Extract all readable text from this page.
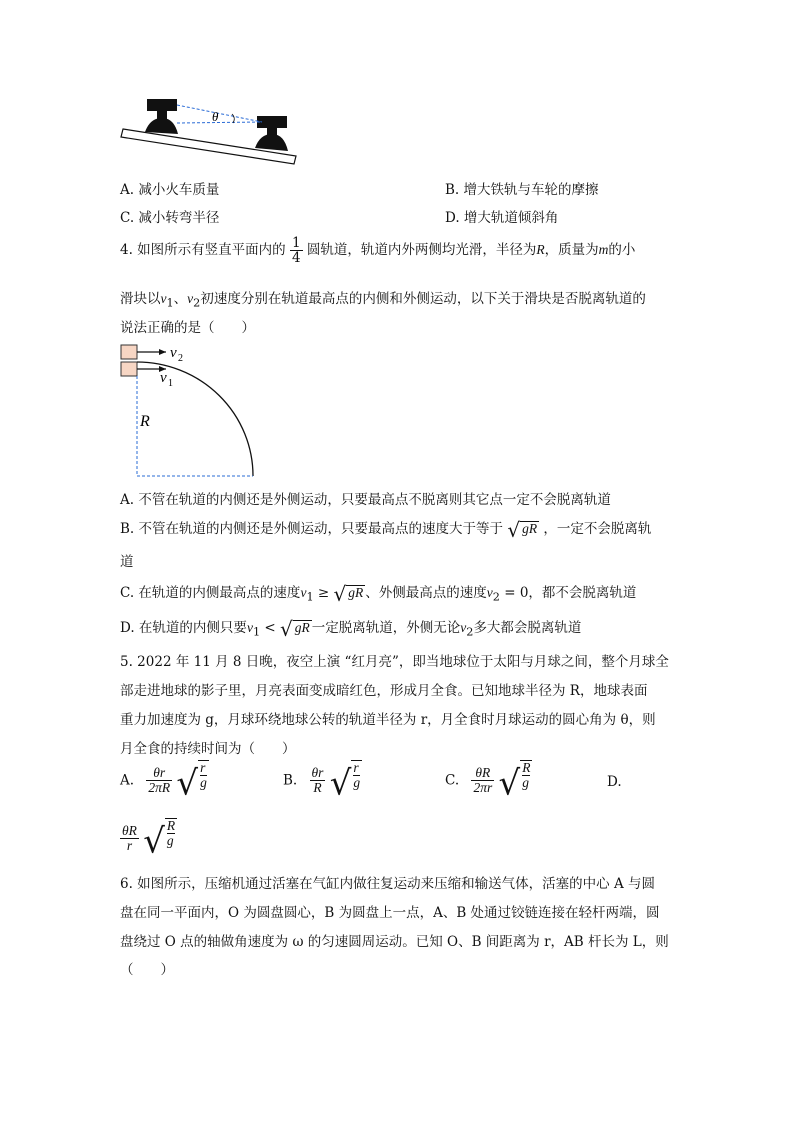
θ
A. 减小火车质量	B. 增大铁轨与车轮的摩擦
C. 减小转弯半径	D. 增大轨道倾斜角
4. 如图所示有竖直平面内的 $\frac{1}{4}$ 圆轨道，轨道内外两侧均光滑，半径为R，质量为m的小
滑块以$v_1$、$v_2$初速度分别在轨道最高点的内侧和外侧运动，以下关于滑块是否脱离轨道的
说法正确的是（　　）
v 2
v 1
R
A. 不管在轨道的内侧还是外侧运动，只要最高点不脱离则其它点一定不会脱离轨道
B. 不管在轨道的内侧还是外侧运动，只要最高点的速度大于等于 √ gR ，一定不会脱离轨
道
C. 在轨道的内侧最高点的速度$v_1$ ≥ √ gR 、外侧最高点的速度$v_2 = 0$，都不会脱离轨道
D. 在轨道的内侧只要$v_1$ < √ gR 一定脱离轨道，外侧无论$v_2$多大都会脱离轨道
5. 2022 年 11 月 8 日晚，夜空上演 “红月亮”，即当地球位于太阳与月球之间，整个月球全
部走进地球的影子里，月亮表面变成暗红色，形成月全食。已知地球半径为 R，地球表面
重力加速度为 g，月球环绕地球公转的轨道半径为 r，月全食时月球运动的圆心角为 θ，则
月全食的持续时间为（　　）
A. $\frac{\theta r}{2\pi R}$ √ $\frac{r}{g}$	B. $\frac{\theta r}{R}$ √ $\frac{r}{g}$	C. $\frac{\theta R}{2\pi r}$ √ $\frac{R}{g}$	D.
$\frac{\theta R}{r}$ √ $\frac{R}{g}$
6. 如图所示，压缩机通过活塞在气缸内做往复运动来压缩和输送气体，活塞的中心 A 与圆
盘在同一平面内，O 为圆盘圆心，B 为圆盘上一点，A、B 处通过铰链连接在轻杆两端，圆
盘绕过 O 点的轴做角速度为 ω 的匀速圆周运动。已知 O、B 间距离为 r，AB 杆长为 L，则
（　　）
